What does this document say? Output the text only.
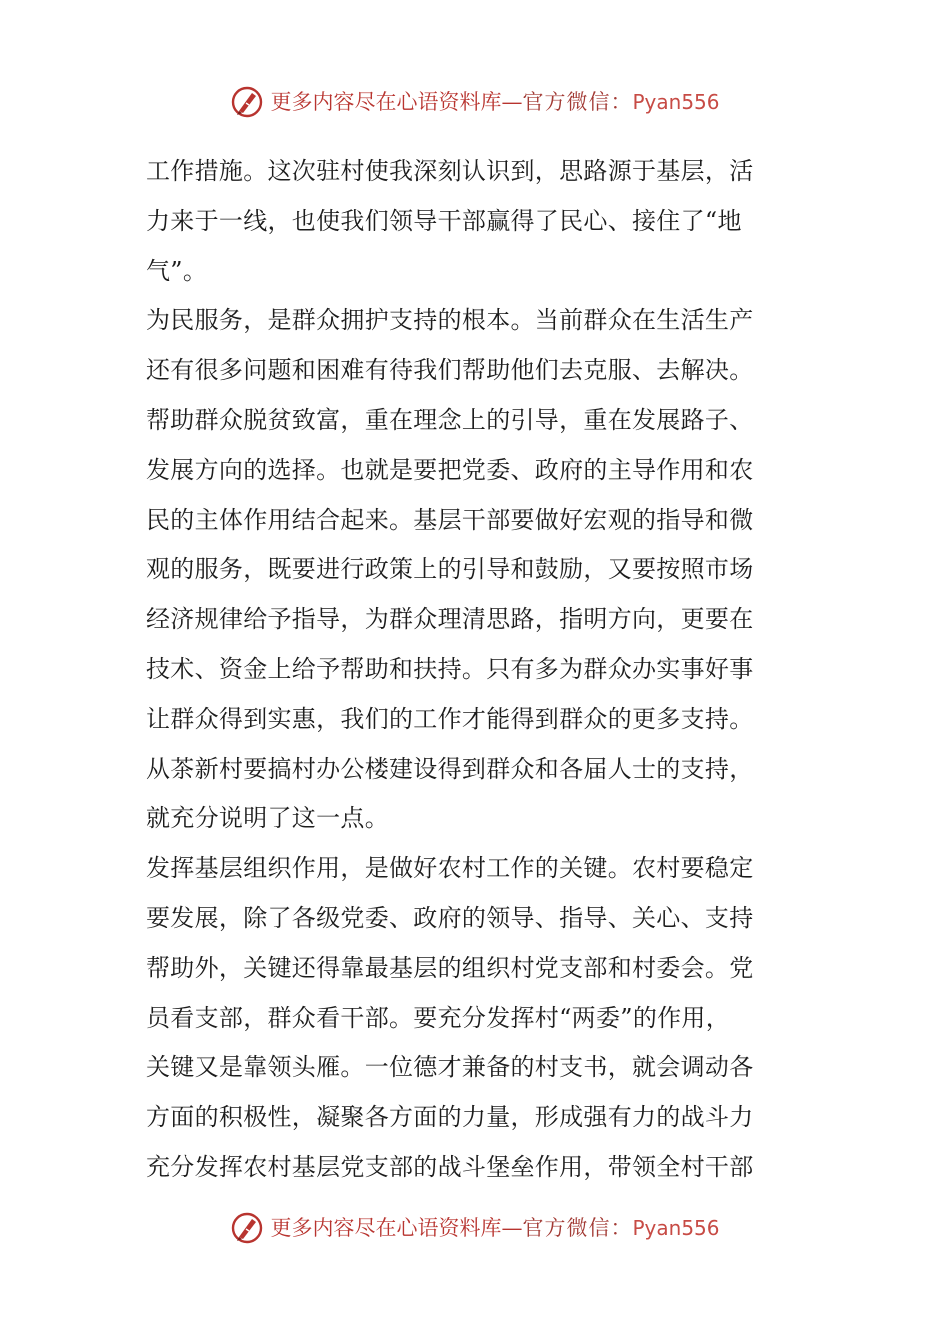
更多内容尽在心语资料库—官方微信：Pyan556
工作措施。这次驻村使我深刻认识到，思路源于基层，活
力来于一线，也使我们领导干部赢得了民心、接住了“地
气”。
为民服务，是群众拥护支持的根本。当前群众在生活生产
还有很多问题和困难有待我们帮助他们去克服、去解决。
帮助群众脱贫致富，重在理念上的引导，重在发展路子、
发展方向的选择。也就是要把党委、政府的主导作用和农
民的主体作用结合起来。基层干部要做好宏观的指导和微
观的服务，既要进行政策上的引导和鼓励，又要按照市场
经济规律给予指导，为群众理清思路，指明方向，更要在
技术、资金上给予帮助和扶持。只有多为群众办实事好事
让群众得到实惠，我们的工作才能得到群众的更多支持。
从茶新村要搞村办公楼建设得到群众和各届人士的支持，
就充分说明了这一点。
发挥基层组织作用，是做好农村工作的关键。农村要稳定
要发展，除了各级党委、政府的领导、指导、关心、支持
帮助外，关键还得靠最基层的组织村党支部和村委会。党
员看支部，群众看干部。要充分发挥村“两委”的作用，
关键又是靠领头雁。一位德才兼备的村支书，就会调动各
方面的积极性，凝聚各方面的力量，形成强有力的战斗力
充分发挥农村基层党支部的战斗堡垒作用，带领全村干部
更多内容尽在心语资料库—官方微信：Pyan556
